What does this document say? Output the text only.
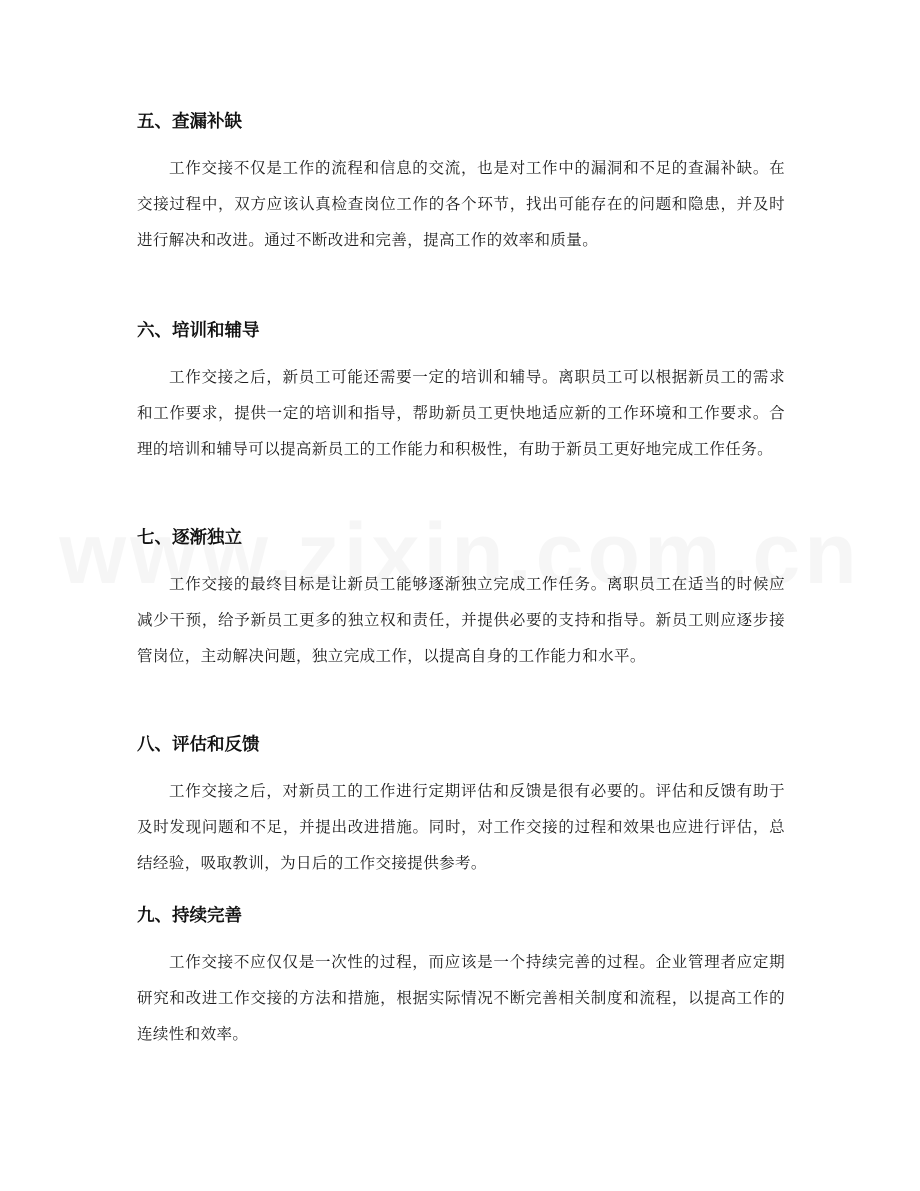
五、查漏补缺

工作交接不仅是工作的流程和信息的交流，也是对工作中的漏洞和不足的查漏补缺。在交接过程中，双方应该认真检查岗位工作的各个环节，找出可能存在的问题和隐患，并及时进行解决和改进。通过不断改进和完善，提高工作的效率和质量。

六、培训和辅导

工作交接之后，新员工可能还需要一定的培训和辅导。离职员工可以根据新员工的需求和工作要求，提供一定的培训和指导，帮助新员工更快地适应新的工作环境和工作要求。合理的培训和辅导可以提高新员工的工作能力和积极性，有助于新员工更好地完成工作任务。

七、逐渐独立

工作交接的最终目标是让新员工能够逐渐独立完成工作任务。离职员工在适当的时候应减少干预，给予新员工更多的独立权和责任，并提供必要的支持和指导。新员工则应逐步接管岗位，主动解决问题，独立完成工作，以提高自身的工作能力和水平。

八、评估和反馈

工作交接之后，对新员工的工作进行定期评估和反馈是很有必要的。评估和反馈有助于及时发现问题和不足，并提出改进措施。同时，对工作交接的过程和效果也应进行评估，总结经验，吸取教训，为日后的工作交接提供参考。

九、持续完善

工作交接不应仅仅是一次性的过程，而应该是一个持续完善的过程。企业管理者应定期研究和改进工作交接的方法和措施，根据实际情况不断完善相关制度和流程，以提高工作的连续性和效率。
